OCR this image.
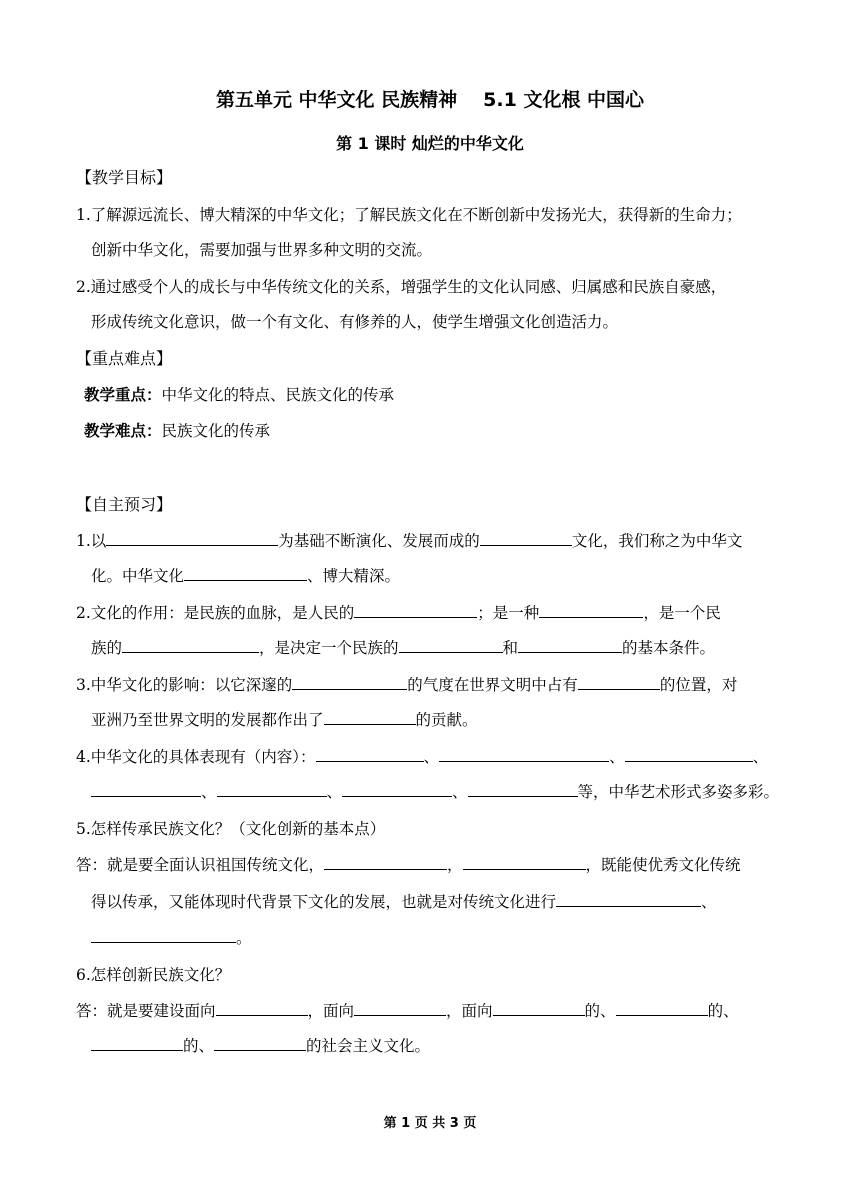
第五单元 中华文化 民族精神 5.1 文化根 中国心
第 1 课时 灿烂的中华文化
【教学目标】
1.了解源远流长、博大精深的中华文化；了解民族文化在不断创新中发扬光大，获得新的生命力；
创新中华文化，需要加强与世界多种文明的交流。
2.通过感受个人的成长与中华传统文化的关系，增强学生的文化认同感、归属感和民族自豪感，
形成传统文化意识，做一个有文化、有修养的人，使学生增强文化创造活力。
【重点难点】
教学重点：中华文化的特点、民族文化的传承
教学难点：民族文化的传承
【自主预习】
1.以	为基础不断演化、发展而成的	文化，我们称之为中华文
化。中华文化	、博大精深。
2.文化的作用：是民族的血脉，是人民的	；是一种	，是一个民
族的	，是决定一个民族的	和	的基本条件。
3.中华文化的影响：以它深邃的	的气度在世界文明中占有	的位置，对
亚洲乃至世界文明的发展都作出了	的贡献。
4.中华文化的具体表现有（内容）：	、	、	、
、	、	、	等，中华艺术形式多姿多彩。
5.怎样传承民族文化？（文化创新的基本点）
答：就是要全面认识祖国传统文化，	，	，既能使优秀文化传统
得以传承，又能体现时代背景下文化的发展，也就是对传统文化进行	、
。
6.怎样创新民族文化？
答：就是要建设面向	，面向	，面向	的、	的、
的、	的社会主义文化。
第 1 页 共 3 页
